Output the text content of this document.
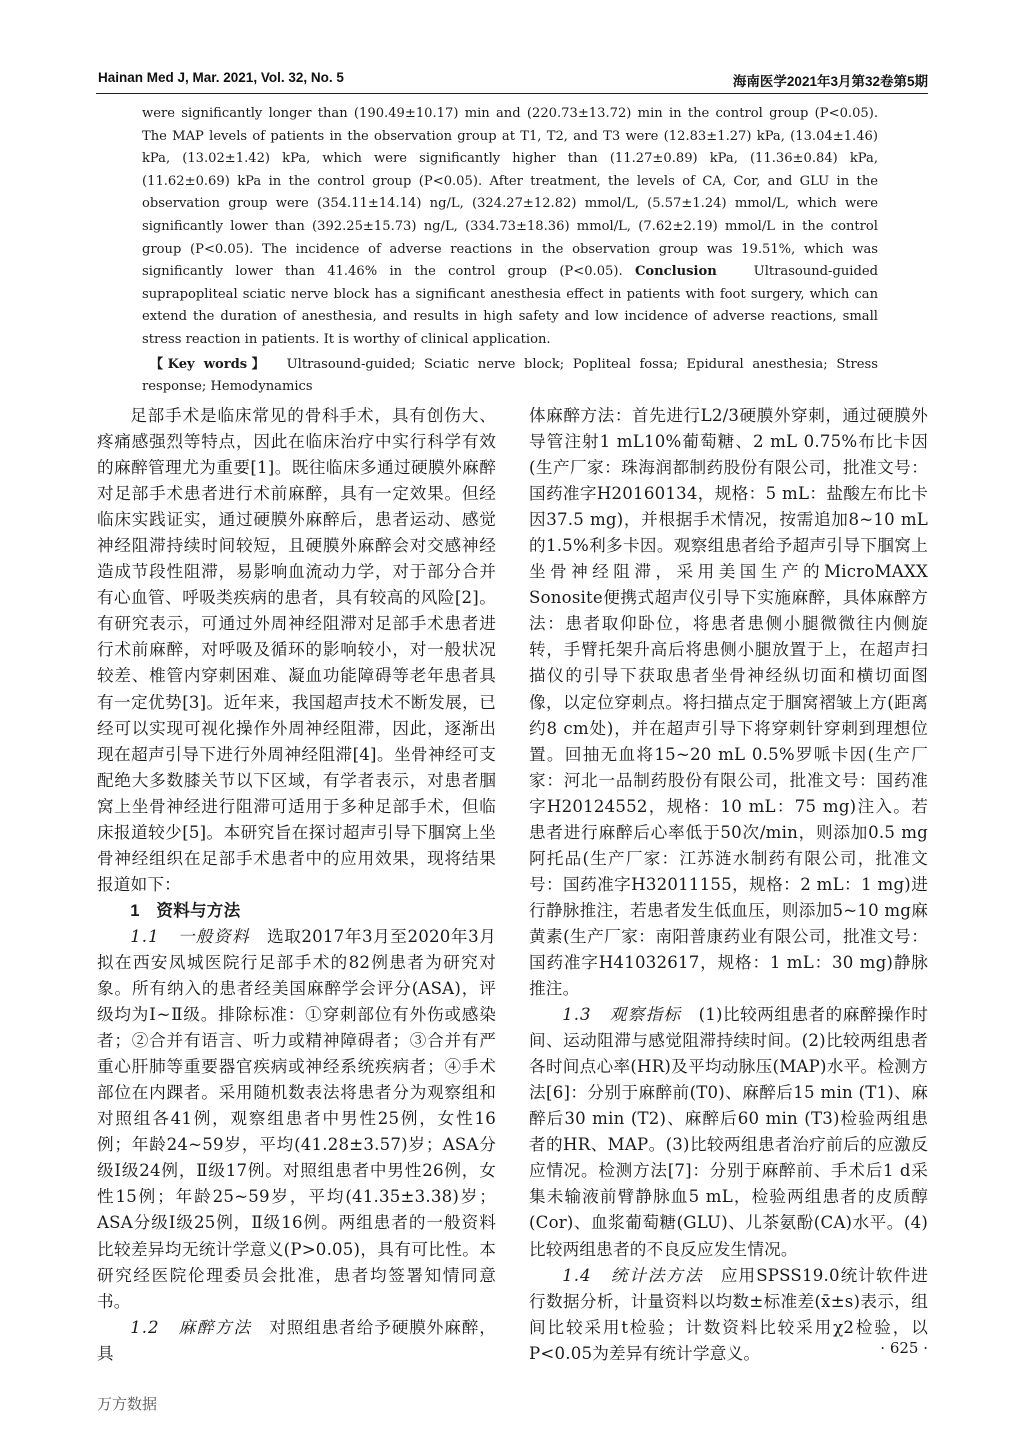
Hainan Med J, Mar. 2021, Vol. 32, No. 5	海南医学2021年3月第32卷第5期

were significantly longer than (190.49±10.17) min and (220.73±13.72) min in the control group (P<0.05). The MAP levels of patients in the observation group at T1, T2, and T3 were (12.83±1.27) kPa, (13.04±1.46) kPa, (13.02±1.42) kPa, which were significantly higher than (11.27±0.89) kPa, (11.36±0.84) kPa, (11.62±0.69) kPa in the control group (P<0.05). After treatment, the levels of CA, Cor, and GLU in the observation group were (354.11±14.14) ng/L, (324.27±12.82) mmol/L, (5.57±1.24) mmol/L, which were significantly lower than (392.25±15.73) ng/L, (334.73±18.36) mmol/L, (7.62±2.19) mmol/L in the control group (P<0.05). The incidence of adverse reactions in the observation group was 19.51%, which was significantly lower than 41.46% in the control group (P<0.05). Conclusion	Ultrasound-guided suprapopliteal sciatic nerve block has a significant anesthesia effect in patients with foot surgery, which can extend the duration of anesthesia, and results in high safety and low incidence of adverse reactions, small stress reaction in patients. It is worthy of clinical application.

【Key words】 Ultrasound-guided; Sciatic nerve block; Popliteal fossa; Epidural anesthesia; Stress response; Hemodynamics

足部手术是临床常见的骨科手术，具有创伤大、疼痛感强烈等特点，因此在临床治疗中实行科学有效的麻醉管理尤为重要[1]。既往临床多通过硬膜外麻醉对足部手术患者进行术前麻醉，具有一定效果。但经临床实践证实，通过硬膜外麻醉后，患者运动、感觉神经阻滞持续时间较短，且硬膜外麻醉会对交感神经造成节段性阻滞，易影响血流动力学，对于部分合并有心血管、呼吸类疾病的患者，具有较高的风险[2]。有研究表示，可通过外周神经阻滞对足部手术患者进行术前麻醉，对呼吸及循环的影响较小，对一般状况较差、椎管内穿刺困难、凝血功能障碍等老年患者具有一定优势[3]。近年来，我国超声技术不断发展，已经可以实现可视化操作外周神经阻滞，因此，逐渐出现在超声引导下进行外周神经阻滞[4]。坐骨神经可支配绝大多数膝关节以下区域，有学者表示，对患者腘窝上坐骨神经进行阻滞可适用于多种足部手术，但临床报道较少[5]。本研究旨在探讨超声引导下腘窝上坐骨神经组织在足部手术患者中的应用效果，现将结果报道如下：

1　资料与方法

1.1　一般资料　 选取2017年3月至2020年3月拟在西安凤城医院行足部手术的82例患者为研究对象。所有纳入的患者经美国麻醉学会评分(ASA)，评级均为Ⅰ~Ⅱ级。排除标准：①穿刺部位有外伤或感染者；②合并有语言、听力或精神障碍者；③合并有严重心肝肺等重要器官疾病或神经系统疾病者；④手术部位在内踝者。采用随机数表法将患者分为观察组和对照组各41例，观察组患者中男性25例，女性16例；年龄24~59岁，平均(41.28±3.57)岁；ASA分级Ⅰ级24例，Ⅱ级17例。对照组患者中男性26例，女性15例；年龄25~59岁，平均(41.35±3.38)岁；ASA分级Ⅰ级25例，Ⅱ级16例。两组患者的一般资料比较差异均无统计学意义(P>0.05)，具有可比性。本研究经医院伦理委员会批准，患者均签署知情同意书。

1.2　麻醉方法　 对照组患者给予硬膜外麻醉，具

体麻醉方法：首先进行L2/3硬膜外穿刺，通过硬膜外导管注射1 mL10%葡萄糖、2 mL 0.75%布比卡因(生产厂家：珠海润都制药股份有限公司，批准文号：国药准字H20160134，规格：5 mL：盐酸左布比卡因37.5 mg)，并根据手术情况，按需追加8~10 mL的1.5%利多卡因。观察组患者给予超声引导下腘窝上坐骨神经阻滞，采用美国生产的MicroMAXX Sonosite便携式超声仪引导下实施麻醉，具体麻醉方法：患者取仰卧位，将患者患侧小腿微微往内侧旋转，手臂托架升高后将患侧小腿放置于上，在超声扫描仪的引导下获取患者坐骨神经纵切面和横切面图像，以定位穿刺点。将扫描点定于腘窝褶皱上方(距离约8 cm处)，并在超声引导下将穿刺针穿刺到理想位置。回抽无血将15~20 mL 0.5%罗哌卡因(生产厂家：河北一品制药股份有限公司，批准文号：国药准字H20124552，规格：10 mL：75 mg)注入。若患者进行麻醉后心率低于50次/min，则添加0.5 mg阿托品(生产厂家：江苏涟水制药有限公司，批准文号：国药准字H32011155，规格：2 mL：1 mg)进行静脉推注，若患者发生低血压，则添加5~10 mg麻黄素(生产厂家：南阳普康药业有限公司，批准文号：国药准字H41032617，规格：1 mL：30 mg)静脉推注。

1.3　观察指标　 (1)比较两组患者的麻醉操作时间、运动阻滞与感觉阻滞持续时间。(2)比较两组患者各时间点心率(HR)及平均动脉压(MAP)水平。检测方法[6]：分别于麻醉前(T0)、麻醉后15 min (T1)、麻醉后30 min (T2)、麻醉后60 min (T3)检验两组患者的HR、MAP。(3)比较两组患者治疗前后的应激反应情况。检测方法[7]：分别于麻醉前、手术后1 d采集未输液前臂静脉血5 mL，检验两组患者的皮质醇(Cor)、血浆葡萄糖(GLU)、儿茶氨酚(CA)水平。(4)比较两组患者的不良反应发生情况。

1.4　统计法方法　 应用SPSS19.0统计软件进行数据分析，计量资料以均数±标准差(x̄±s)表示，组间比较采用t检验；计数资料比较采用χ2检验，以P<0.05为差异有统计学意义。	· 625 ·
万方数据
